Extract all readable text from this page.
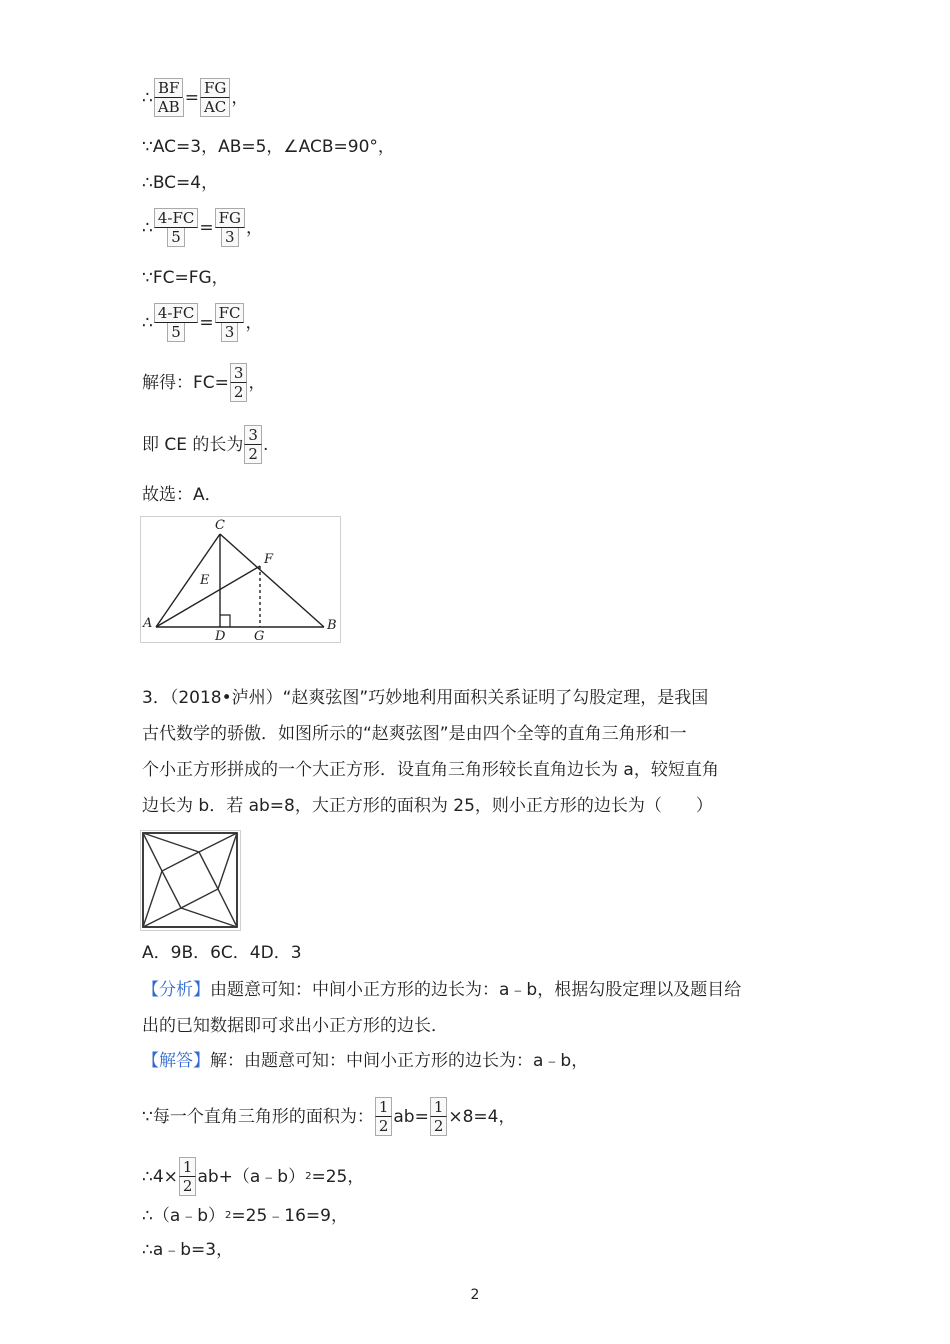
∴ $\frac{BF}{AB} = \frac{FG}{AC}$ ，
∵AC=3，AB=5，∠ACB=90°，
∴BC=4，
∴ $\frac{4-FC}{5} = \frac{FG}{3}$ ，
∵FC=FG，
∴ $\frac{4-FC}{5} = \frac{FC}{3}$ ，
解得：$FC= \frac{3}{2}$ ，
即 CE 的长为 $\frac{3}{2}$ .
故选：A．
C
F
E
A
D G
B
3．（2018•泸州）“赵爽弦图”巧妙地利用面积关系证明了勾股定理，是我国
古代数学的骄傲．如图所示的“赵爽弦图”是由四个全等的直角三角形和一
个小正方形拼成的一个大正方形．设直角三角形较长直角边长为 a，较短直角
边长为 b．若 ab=8，大正方形的面积为 25，则小正方形的边长为（　　）
A．9B．6C．4D．3
【分析】由题意可知：中间小正方形的边长为：a﹣b，根据勾股定理以及题目给
出的已知数据即可求出小正方形的边长．
【解答】 解：由题意可知：中间小正方形的边长为：a﹣b，
∵每一个直角三角形的面积为： $\frac{1}{2} ab= \frac{1}{2} \times 8=4$，
∴4× $\frac{1}{2}$ ab+（a﹣b） 2 =25，
∴（a﹣b） 2 =25﹣16=9，
∴a﹣b=3，
2
